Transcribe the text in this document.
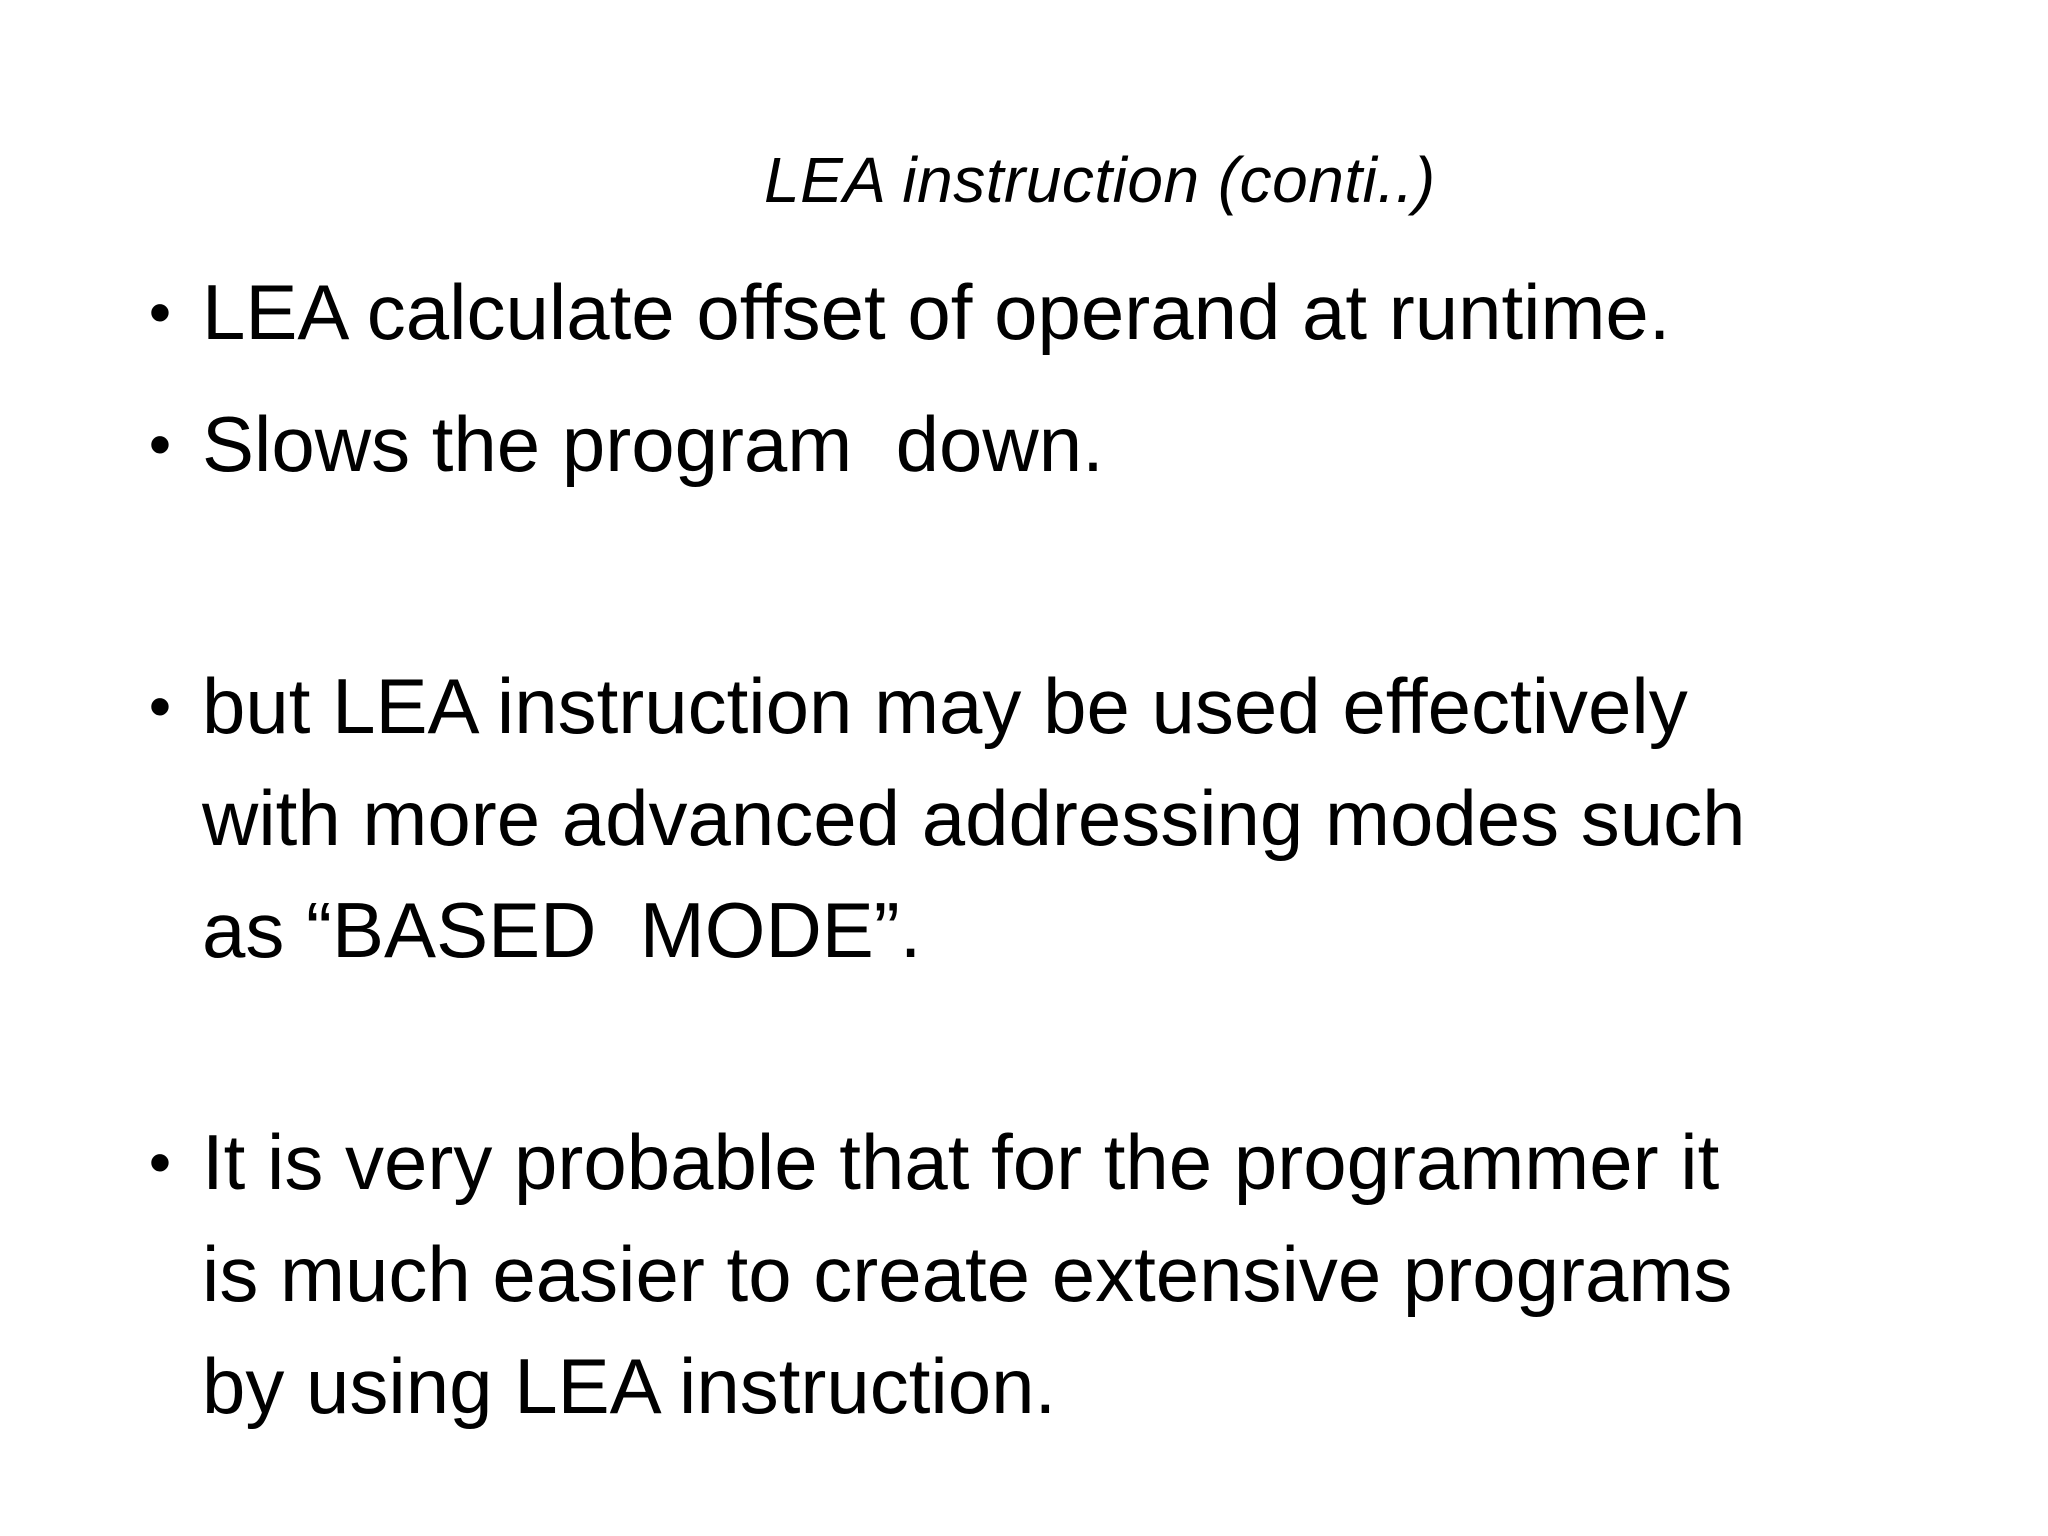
LEA instruction (conti..)
• LEA calculate offset of operand at runtime.
• Slows the program  down.
• but LEA instruction may be used effectively
with more advanced addressing modes such
as “BASED  MODE”.
• It is very probable that for the programmer it
is much easier to create extensive programs
by using LEA instruction.
